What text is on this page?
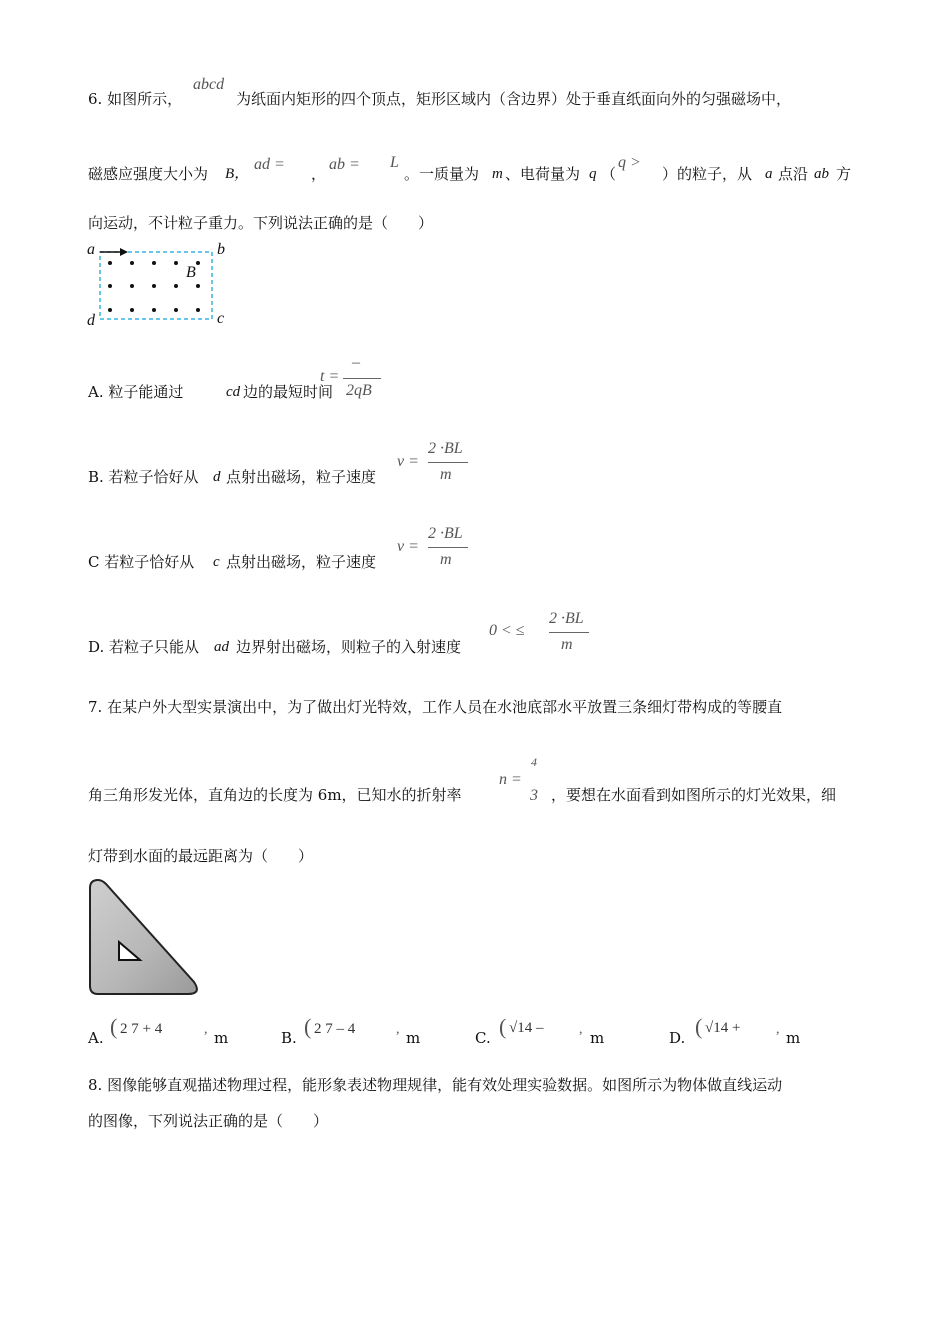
6. 如图所示，
abcd
为纸面内矩形的四个顶点，矩形区域内（含边界）处于垂直纸面向外的匀强磁场中，
磁感应强度大小为 B，
ad =
，
ab = L
。一质量为 m 、电荷量为 q （
q >
）的粒子，从 a 点沿 ab 方
向运动，不计粒子重力。下列说法正确的是（　　）
a	b
c
d
B
A. 粒子能通过	cd 边的最短时间
t =
–
2qB
B. 若粒子恰好从 d 点射出磁场，粒子速度
v =
2 ·BL
m
C 若粒子恰好从 c 点射出磁场，粒子速度
v =
2 ·BL
m
D. 若粒子只能从 ad 边界射出磁场，则粒子的入射速度
0 < ≤
2 ·BL
m
7. 在某户外大型实景演出中，为了做出灯光特效，工作人员在水池底部水平放置三条细灯带构成的等腰直
角三角形发光体，直角边的长度为 6m，已知水的折射率
n =
4
3 ，要想在水面看到如图所示的灯光效果，细
灯带到水面的最远距离为（　　）
A. ( 2 7 + 4	, m	B. ( 2 7 – 4	, m	C. ( √14 –	, m	D. ( √14 +	, m
8. 图像能够直观描述物理过程，能形象表述物理规律，能有效处理实验数据。如图所示为物体做直线运动
的图像，下列说法正确的是（　　）
